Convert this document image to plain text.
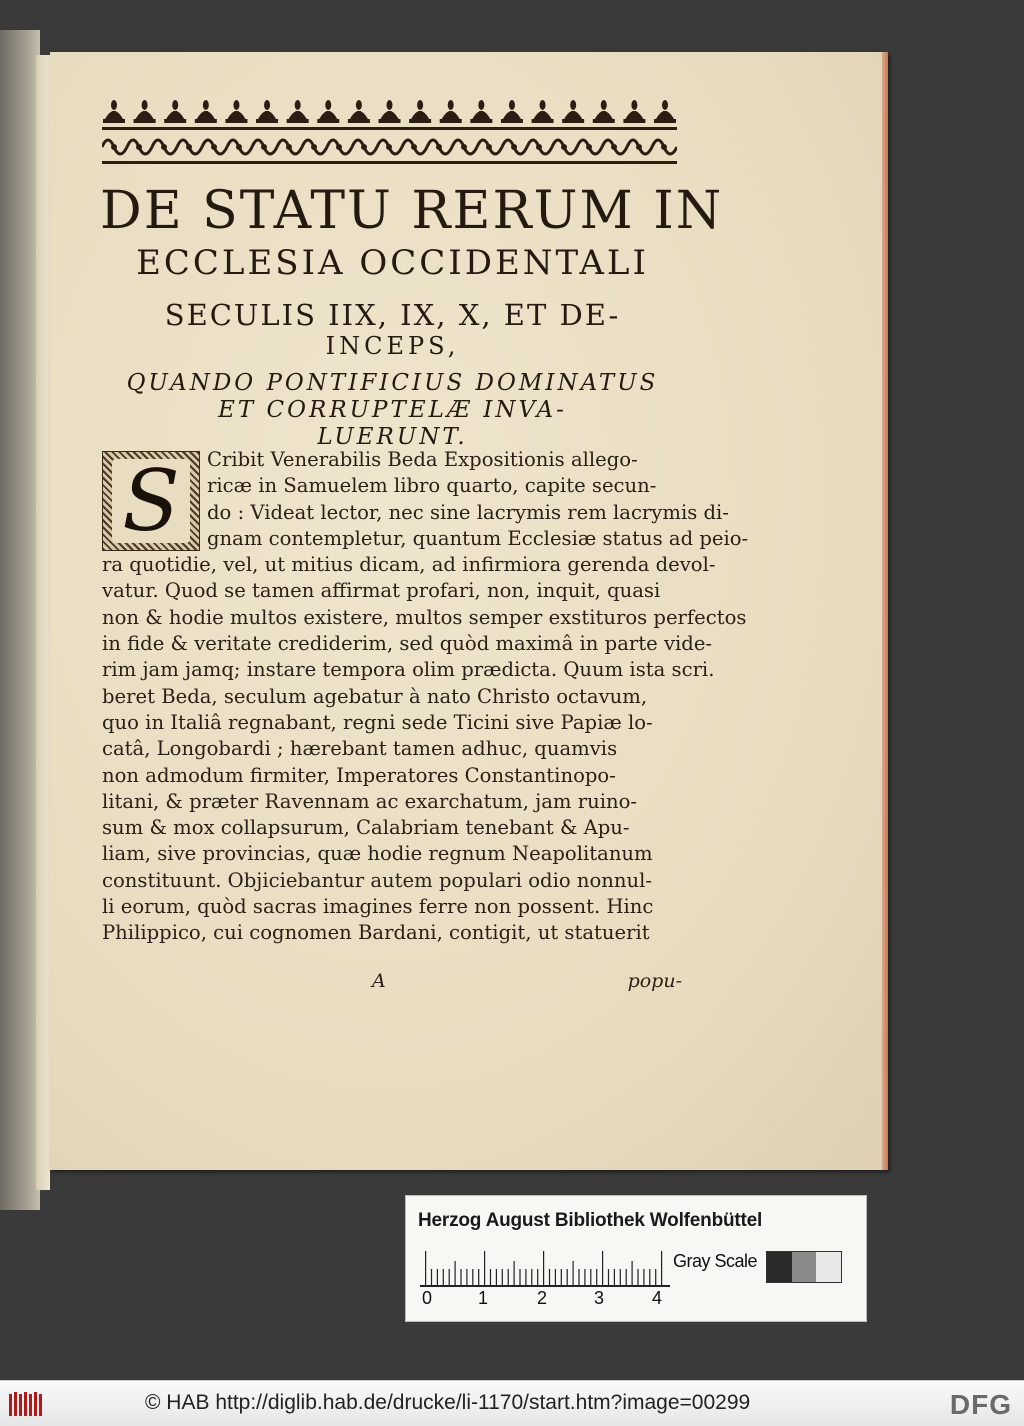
DE STATU RERUM IN
ECCLESIA OCCIDENTALI
SECULIS IIX, IX, X, ET DE-
INCEPS,
QUANDO PONTIFICIUS DOMINATUS
ET CORRUPTELÆ INVA-
LUERUNT.
S	Cribit Venerabilis Beda Expositionis allego-
ricæ in Samuelem libro quarto, capite secun-
do : Videat lector, nec sine lacrymis rem lacrymis di-
gnam contempletur, quantum Ecclesiæ status ad peio-
ra quotidie, vel, ut mitius dicam, ad infirmiora gerenda devol-
vatur. Quod se tamen affirmat profari, non, inquit, quasi
non & hodie multos existere, multos semper exstituros perfectos
in fide & veritate crediderim, sed quòd maximâ in parte vide-
rim jam jamq; instare tempora olim prædicta. Quum ista scri.
beret Beda, seculum agebatur à nato Christo octavum,
quo in Italiâ regnabant, regni sede Ticini sive Papiæ lo-
catâ, Longobardi ; hærebant tamen adhuc, quamvis
non admodum firmiter, Imperatores Constantinopo-
litani, & præter Ravennam ac exarchatum, jam ruino-
sum & mox collapsurum, Calabriam tenebant & Apu-
liam, sive provincias, quæ hodie regnum Neapolitanum
constituunt. Objiciebantur autem populari odio nonnul-
li eorum, quòd sacras imagines ferre non possent. Hinc
Philippico, cui cognomen Bardani, contigit, ut statuerit
A	popu-
Herzog August Bibliothek Wolfenbüttel
0	1	2	3	4
Gray Scale
© HAB http://diglib.hab.de/drucke/li-1170/start.htm?image=00299	DFG
